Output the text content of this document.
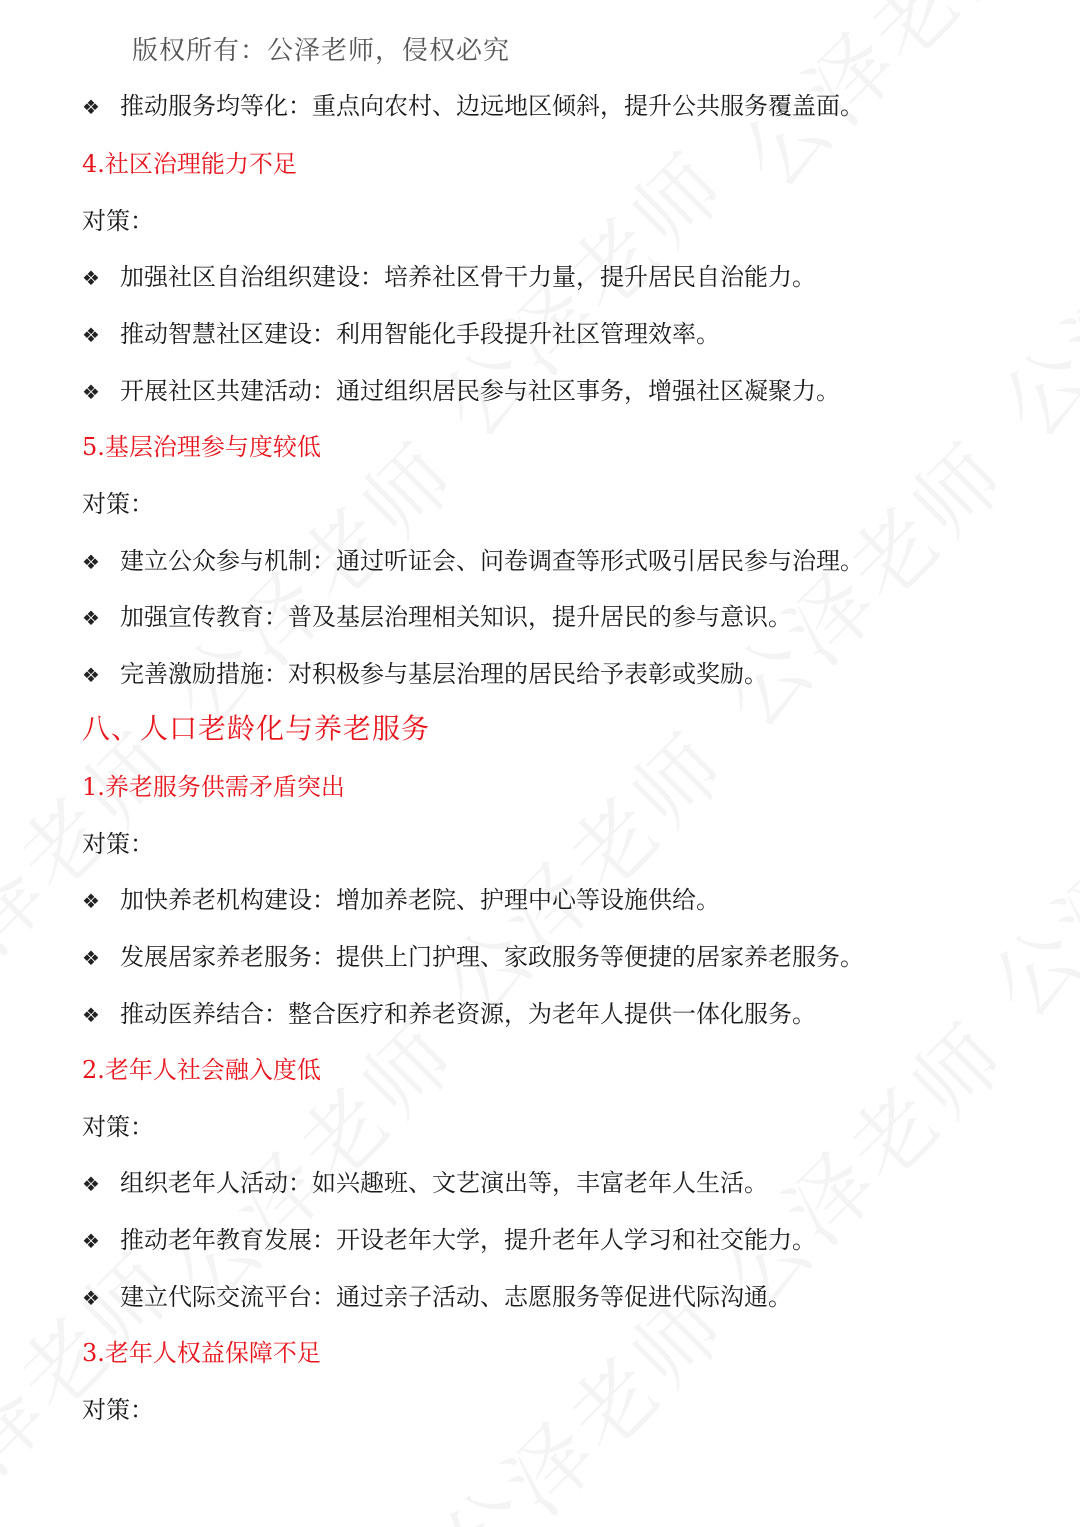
版权所有：公泽老师，侵权必究
❖ 推动服务均等化：重点向农村、边远地区倾斜，提升公共服务覆盖面。
4.社区治理能力不足
对策：
❖ 加强社区自治组织建设：培养社区骨干力量，提升居民自治能力。
❖ 推动智慧社区建设：利用智能化手段提升社区管理效率。
❖ 开展社区共建活动：通过组织居民参与社区事务，增强社区凝聚力。
5.基层治理参与度较低
对策：
❖ 建立公众参与机制：通过听证会、问卷调查等形式吸引居民参与治理。
❖ 加强宣传教育：普及基层治理相关知识，提升居民的参与意识。
❖ 完善激励措施：对积极参与基层治理的居民给予表彰或奖励。
八、人口老龄化与养老服务
1.养老服务供需矛盾突出
对策：
❖ 加快养老机构建设：增加养老院、护理中心等设施供给。
❖ 发展居家养老服务：提供上门护理、家政服务等便捷的居家养老服务。
❖ 推动医养结合：整合医疗和养老资源，为老年人提供一体化服务。
2.老年人社会融入度低
对策：
❖ 组织老年人活动：如兴趣班、文艺演出等，丰富老年人生活。
❖ 推动老年教育发展：开设老年大学，提升老年人学习和社交能力。
❖ 建立代际交流平台：通过亲子活动、志愿服务等促进代际沟通。
3.老年人权益保障不足
对策：
